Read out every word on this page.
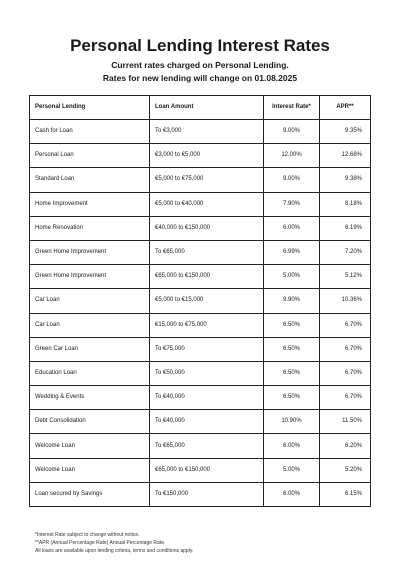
Personal Lending Interest Rates
Current rates charged on Personal Lending.
Rates for new lending will change on 01.08.2025
Personal Lending	Loan Amount	Interest Rate*	APR**
Cash for Loan	To €3,000	9.00%	9.35%
Personal Loan	€3,000 to €5,000	12.00%	12.68%
Standard Loan	€5,000 to €75,000	9.00%	9.38%
Home Improvement	€5,000 to €40,000	7.90%	8.18%
Home Renovation	€40,000 to €150,000	6.00%	6.19%
Green Home Improvement	To €65,000	6.99%	7.20%
Green Home Improvement	€65,000 to €150,000	5.00%	5.12%
Car Loan	€5,000 to €15,000	9.90%	10.36%
Car Loan	€15,000 to €75,000	6.50%	6.70%
Green Car Loan	To €75,000	6.50%	6.70%
Education Loan	To €50,000	6.50%	6.70%
Wedding & Events	To €40,000	6.50%	6.70%
Debt Consolidation	To €40,000	10.90%	11.50%
Welcome Loan	To €65,000	6.00%	6.20%
Welcome Loan	€65,000 to €150,000	5.00%	5.20%
Loan secured by Savings	To €150,000	6.00%	6.15%
*Interest Rate subject to change without notice.
**APR (Annual Percentage Rate) Annual Percentage Rate.
All loans are available upon lending criteria, terms and conditions apply.
